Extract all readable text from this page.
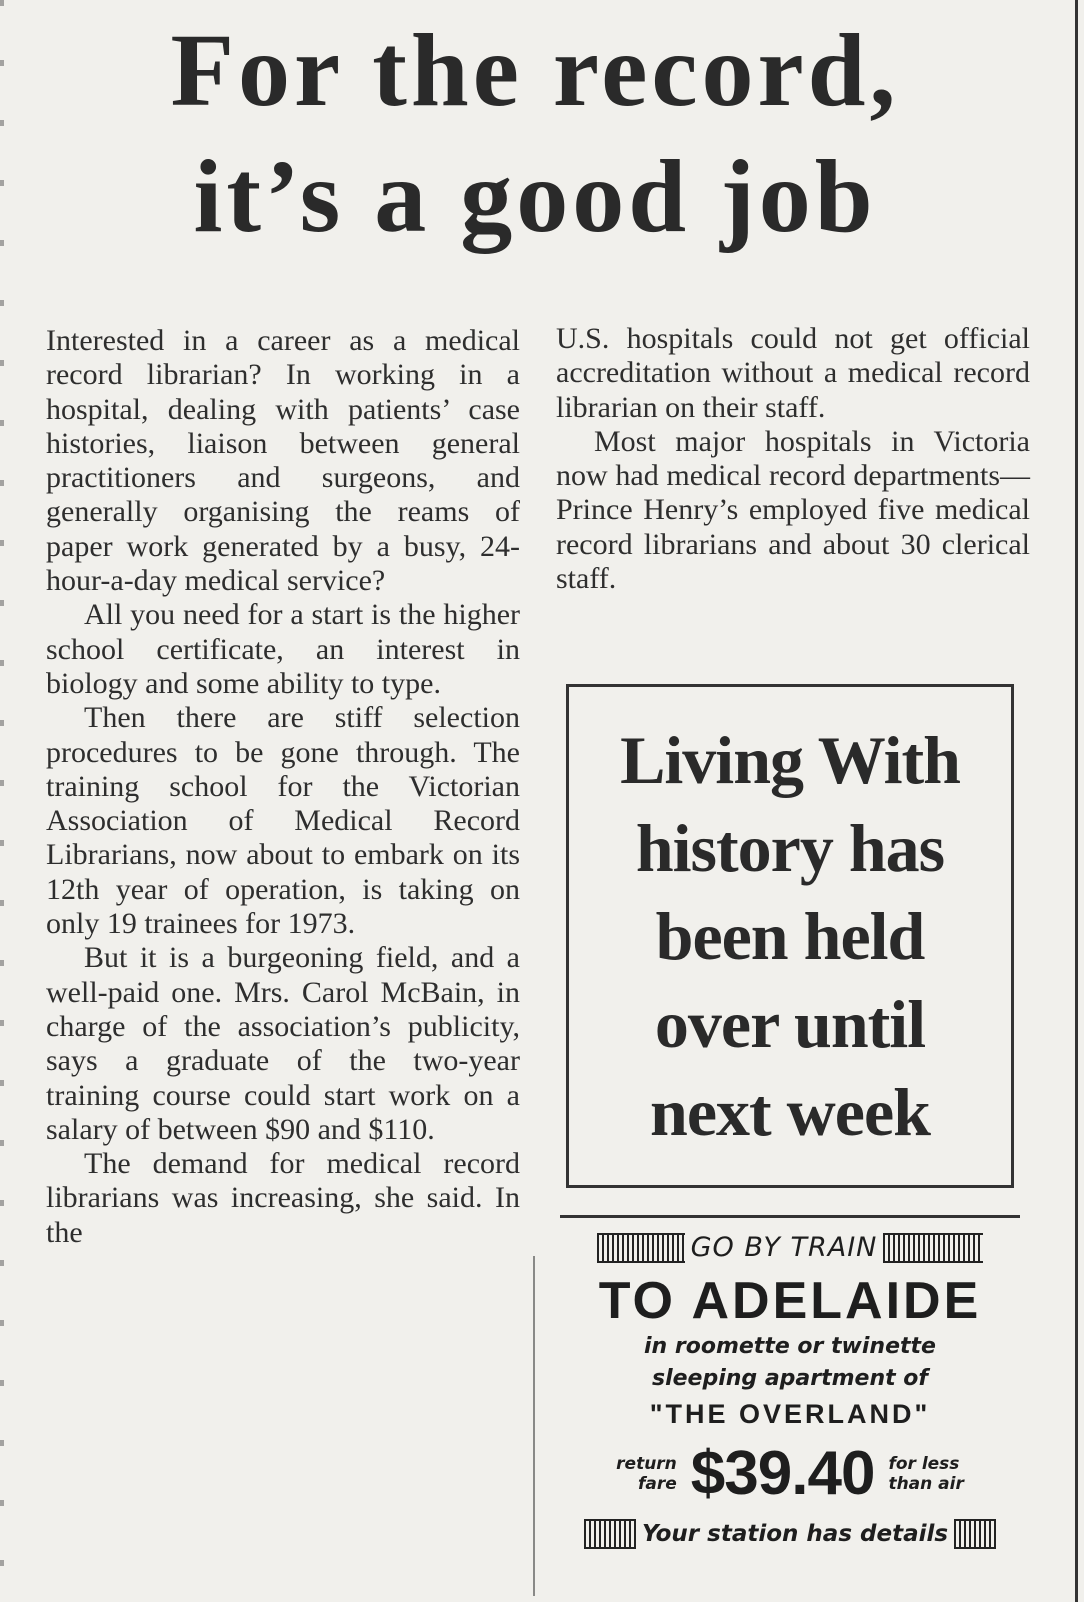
For the record,
it’s a good job

Interested in a career as a medical record librarian? In working in a hospital, dealing with patients’ case histories, liaison between general practitioners and surgeons, and generally organising the reams of paper work generated by a busy, 24-hour-a-day medical service?

All you need for a start is the higher school certificate, an interest in biology and some ability to type.

Then there are stiff selection procedures to be gone through. The training school for the Victorian Association of Medical Record Librarians, now about to embark on its 12th year of operation, is taking on only 19 trainees for 1973.

But it is a burgeoning field, and a well-paid one. Mrs. Carol McBain, in charge of the association’s publicity, says a graduate of the two-year training course could start work on a salary of between $90 and $110.

The demand for medical record librarians was increasing, she said. In the

U.S. hospitals could not get official accreditation without a medical record librarian on their staff.

Most major hospitals in Victoria now had medical record departments—Prince Henry’s employed five medical record librarians and about 30 clerical staff.

Living With
history has
been held
over until
next week
GO BY TRAIN
TO ADELAIDE
in roomette or twinette
sleeping apartment of
"THE OVERLAND"
return
fare $39.40 for less
than air
Your station has details
